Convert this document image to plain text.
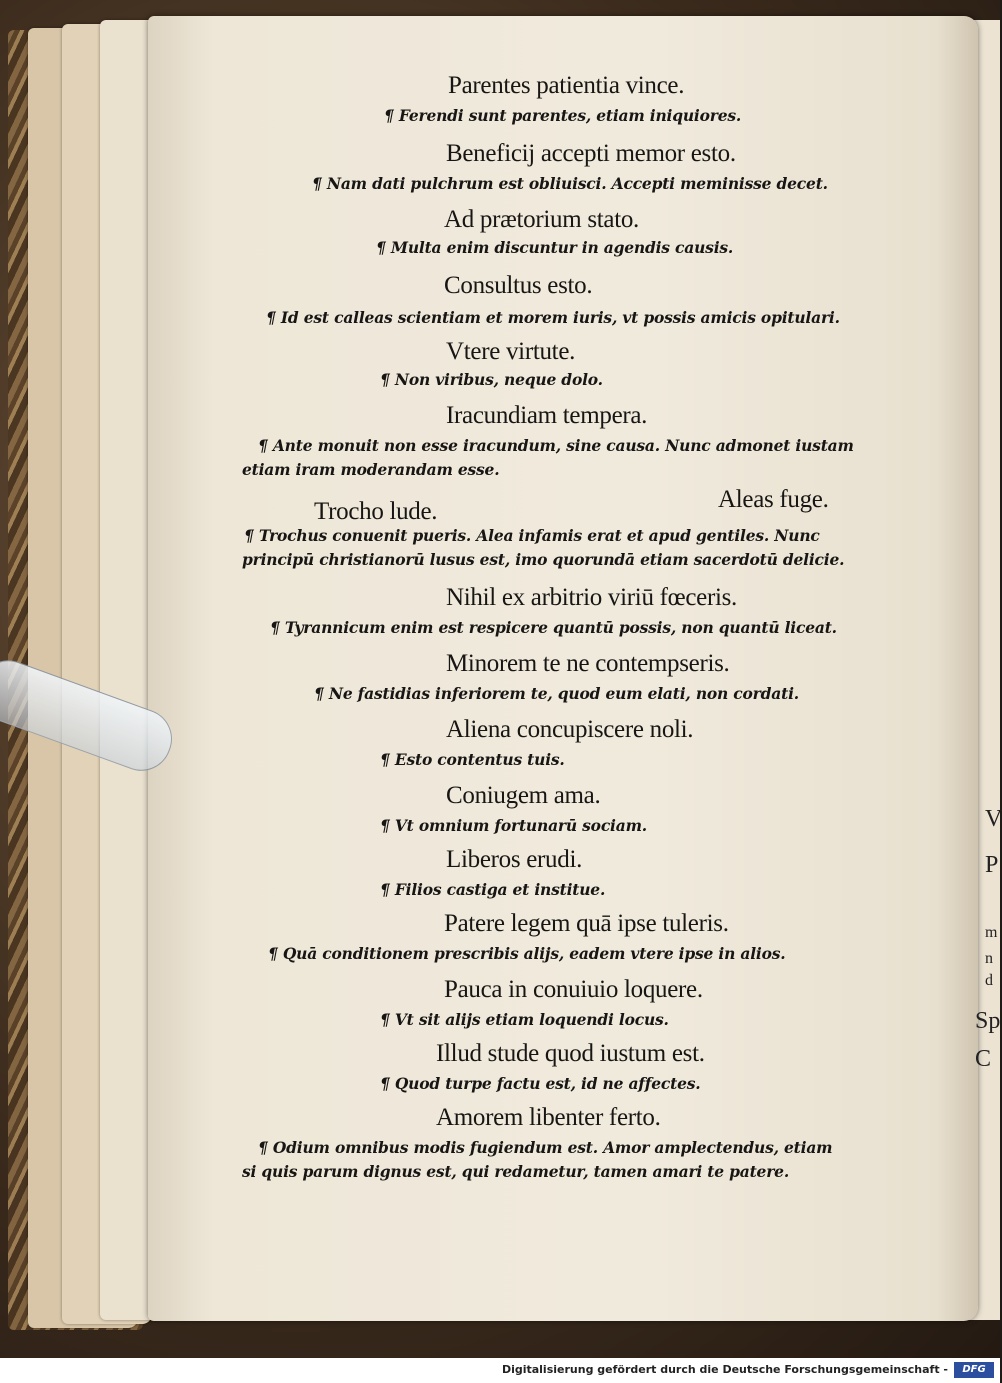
Parentes patientia vince.
¶ Ferendi sunt parentes, etiam iniquiores.
Beneficij accepti memor esto.
¶ Nam dati pulchrum est obliuisci. Accepti meminisse decet.
Ad prætorium stato.
¶ Multa enim discuntur in agendis causis.
Consultus esto.
¶ Id est calleas scientiam et morem iuris, vt possis amicis opitulari.
Vtere virtute.
¶ Non viribus, neque dolo.
Iracundiam tempera.
¶ Ante monuit non esse iracundum, sine causa. Nunc admonet iustam
etiam iram moderandam esse.
Trocho lude.	Aleas fuge.
¶ Trochus conuenit pueris. Alea infamis erat et apud gentiles. Nunc
principū christianorū lusus est, imo quorundā etiam sacerdotū delicie.
Nihil ex arbitrio viriū fœceris.
¶ Tyrannicum enim est respicere quantū possis, non quantū liceat.
Minorem te ne contempseris.
¶ Ne fastidias inferiorem te, quod eum elati, non cordati.
Aliena concupiscere noli.
¶ Esto contentus tuis.
Coniugem ama.
¶ Vt omnium fortunarū sociam.
Liberos erudi.
¶ Filios castiga et institue.
Patere legem quā ipse tuleris.
¶ Quā conditionem prescribis alijs, eadem vtere ipse in alios.
Pauca in conuiuio loquere.
¶ Vt sit alijs etiam loquendi locus.
Illud stude quod iustum est.
¶ Quod turpe factu est, id ne affectes.
Amorem libenter ferto.
¶ Odium omnibus modis fugiendum est. Amor amplectendus, etiam
si quis parum dignus est, qui redametur, tamen amari te patere.
V
P
m
n
d
Sp
C
Digitalisierung gefördert durch die Deutsche Forschungsgemeinschaft -	DFG
